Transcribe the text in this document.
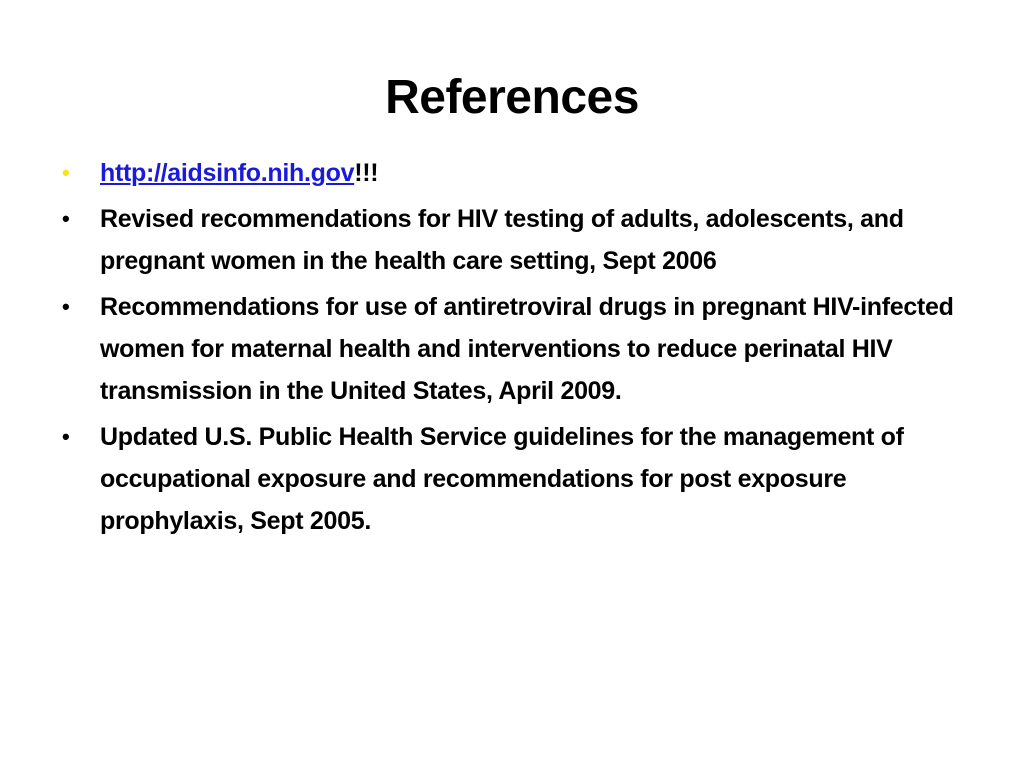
References
•	http://aidsinfo.nih.gov!!!
•	Revised recommendations for HIV testing of adults, adolescents, and pregnant women in the health care setting, Sept 2006
•	Recommendations for use of antiretroviral drugs in pregnant HIV-infected women for maternal health and interventions to reduce perinatal HIV transmission in the United States, April 2009.
•	Updated U.S. Public Health Service guidelines for the management of occupational exposure and recommendations for post exposure prophylaxis, Sept 2005.
